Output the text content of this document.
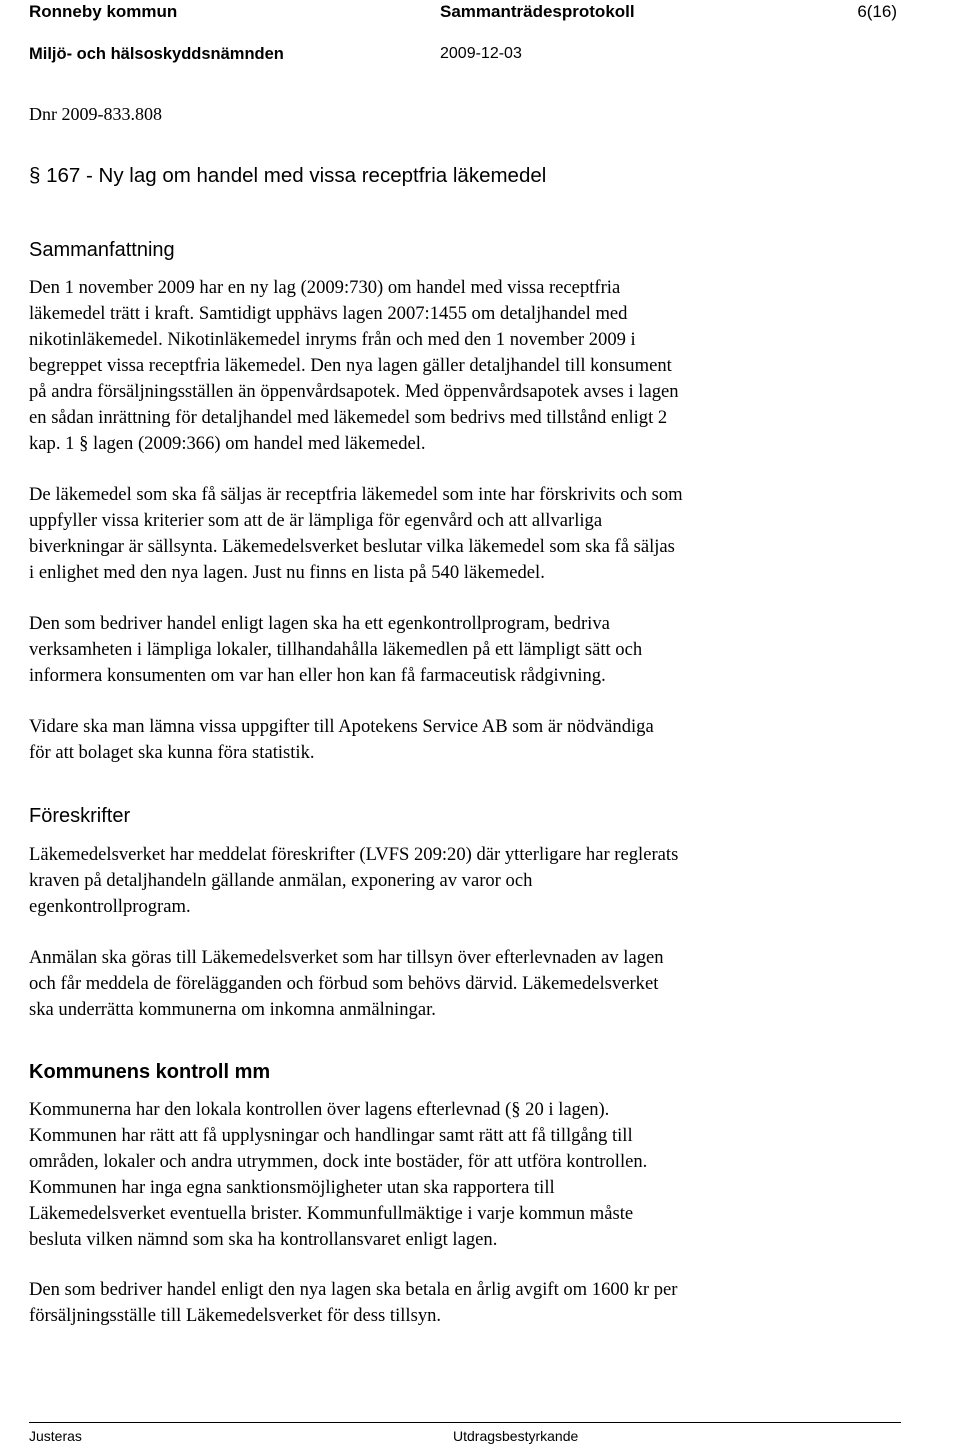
Ronneby kommun	Sammanträdesprotokoll	6(16)
Miljö- och hälsoskyddsnämnden	2009-12-03
Dnr 2009-833.808
§ 167 - Ny lag om handel med vissa receptfria läkemedel
Sammanfattning
Den 1 november 2009 har en ny lag (2009:730) om handel med vissa receptfria
läkemedel trätt i kraft. Samtidigt upphävs lagen 2007:1455 om detaljhandel med
nikotinläkemedel. Nikotinläkemedel inryms från och med den 1 november 2009 i
begreppet vissa receptfria läkemedel. Den nya lagen gäller detaljhandel till konsument
på andra försäljningsställen än öppenvårdsapotek. Med öppenvårdsapotek avses i lagen
en sådan inrättning för detaljhandel med läkemedel som bedrivs med tillstånd enligt 2
kap. 1 § lagen (2009:366) om handel med läkemedel.
De läkemedel som ska få säljas är receptfria läkemedel som inte har förskrivits och som
uppfyller vissa kriterier som att de är lämpliga för egenvård och att allvarliga
biverkningar är sällsynta. Läkemedelsverket beslutar vilka läkemedel som ska få säljas
i enlighet med den nya lagen. Just nu finns en lista på 540 läkemedel.
Den som bedriver handel enligt lagen ska ha ett egenkontrollprogram, bedriva
verksamheten i lämpliga lokaler, tillhandahålla läkemedlen på ett lämpligt sätt och
informera konsumenten om var han eller hon kan få farmaceutisk rådgivning.
Vidare ska man lämna vissa uppgifter till Apotekens Service AB som är nödvändiga
för att bolaget ska kunna föra statistik.
Föreskrifter
Läkemedelsverket har meddelat föreskrifter (LVFS 209:20) där ytterligare har reglerats
kraven på detaljhandeln gällande anmälan, exponering av varor och
egenkontrollprogram.
Anmälan ska göras till Läkemedelsverket som har tillsyn över efterlevnaden av lagen
och får meddela de förelägganden och förbud som behövs därvid. Läkemedelsverket
ska underrätta kommunerna om inkomna anmälningar.
Kommunens kontroll mm
Kommunerna har den lokala kontrollen över lagens efterlevnad (§ 20 i lagen).
Kommunen har rätt att få upplysningar och handlingar samt rätt att få tillgång till
områden, lokaler och andra utrymmen, dock inte bostäder, för att utföra kontrollen.
Kommunen har inga egna sanktionsmöjligheter utan ska rapportera till
Läkemedelsverket eventuella brister. Kommunfullmäktige i varje kommun måste
besluta vilken nämnd som ska ha kontrollansvaret enligt lagen.
Den som bedriver handel enligt den nya lagen ska betala en årlig avgift om 1600 kr per
försäljningsställe till Läkemedelsverket för dess tillsyn.
Justeras	Utdragsbestyrkande
